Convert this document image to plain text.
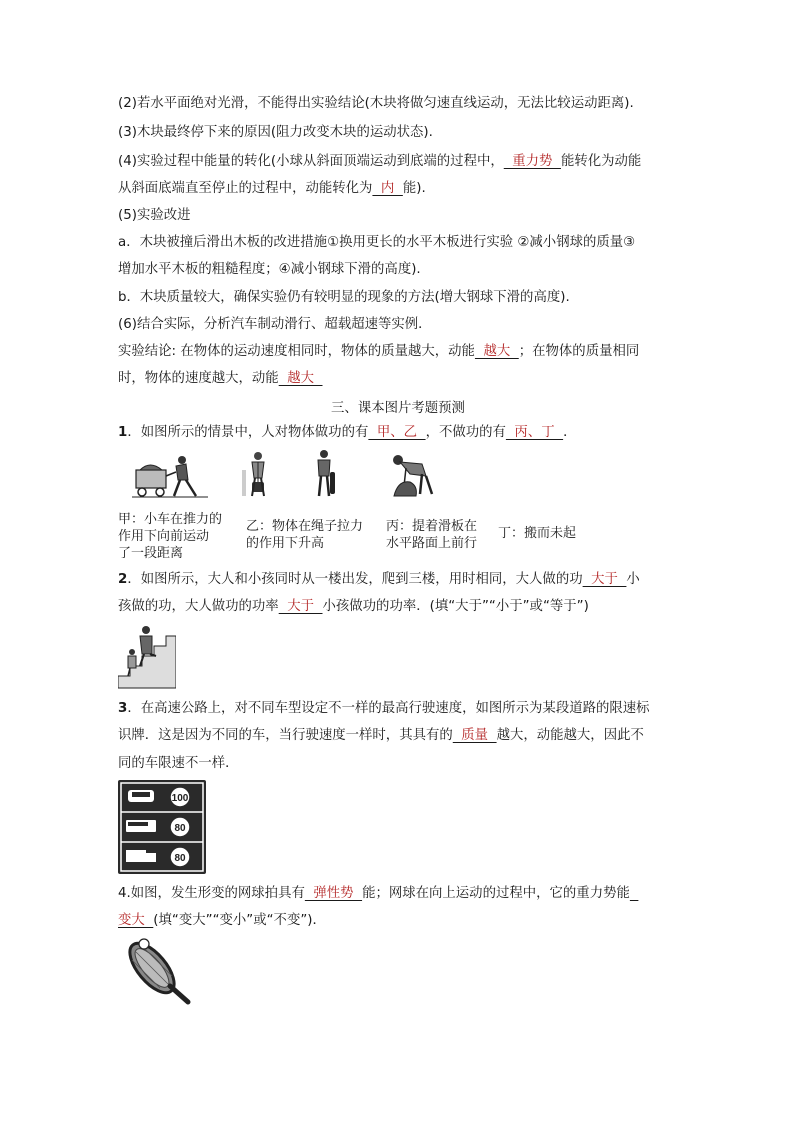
(2)若水平面绝对光滑，不能得出实验结论(木块将做匀速直线运动，无法比较运动距离).
(3)木块最终停下来的原因(阻力改变木块的运动状态).
(4)实验过程中能量的转化(小球从斜面顶端运动到底端的过程中，  重力势  能转化为动能
从斜面底端直至停止的过程中，动能转化为  内  能).
(5)实验改进
a．木块被撞后滑出木板的改进措施①换用更长的水平木板进行实验 ②减小钢球的质量③
增加水平木板的粗糙程度；④减小钢球下滑的高度).
b．木块质量较大，确保实验仍有较明显的现象的方法(增大钢球下滑的高度).
(6)结合实际，分析汽车制动滑行、超载超速等实例．
实验结论: 在物体的运动速度相同时，物体的质量越大，动能  越大  ；在物体的质量相同
时，物体的速度越大，动能  越大
三、课本图片考题预测
1．如图所示的情景中，人对物体做功的有  甲、乙  ，不做功的有  丙、丁  ．
甲：小车在推力的
作用下向前运动
了一段距离
乙：物体在绳子拉力
的作用下升高
丙：提着滑板在
水平路面上前行
丁：搬而未起
2．如图所示，大人和小孩同时从一楼出发，爬到三楼，用时相同，大人做的功  大于  小
孩做的功，大人做功的功率  大于  小孩做功的功率．(填“大于”“小于”或“等于”)
3．在高速公路上，对不同车型设定不一样的最高行驶速度，如图所示为某段道路的限速标
识牌．这是因为不同的车，当行驶速度一样时，其具有的  质量  越大，动能越大，因此不
同的车限速不一样．
100
80
80
4.如图，发生形变的网球拍具有  弹性势  能；网球在向上运动的过程中，它的重力势能
变大  (填“变大”“变小”或“不变”)．
